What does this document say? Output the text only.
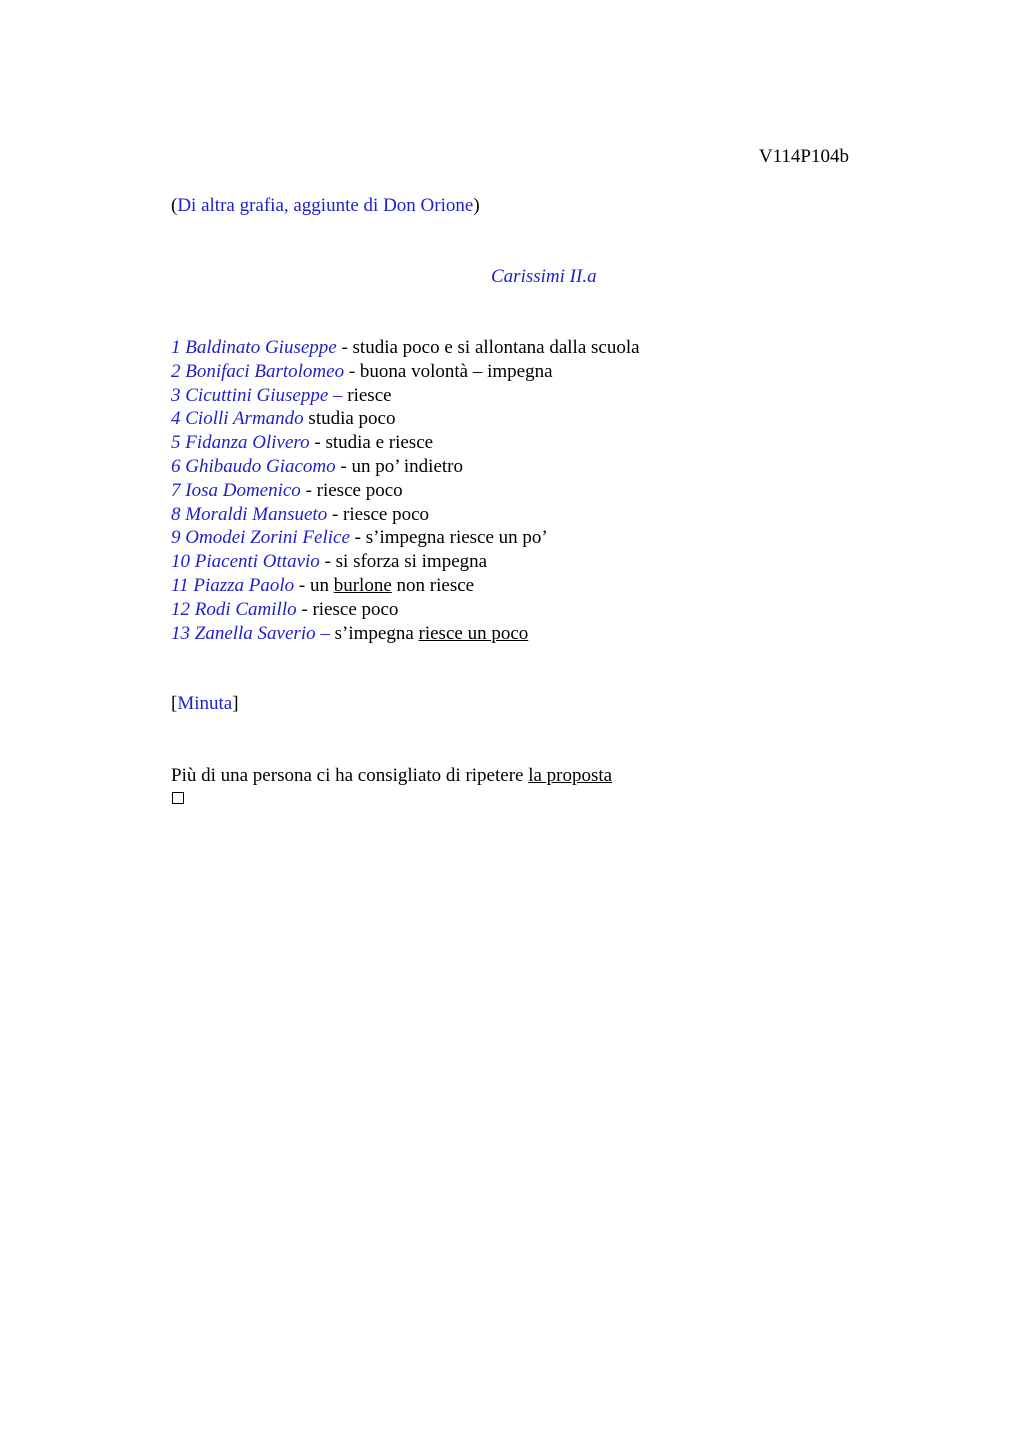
V114P104b
(Di altra grafia, aggiunte di Don Orione)
Carissimi II.a
1 Baldinato Giuseppe - studia poco e si allontana dalla scuola
2 Bonifaci Bartolomeo - buona volontà – impegna
3 Cicuttini Giuseppe – riesce
4 Ciolli Armando studia poco
5 Fidanza Olivero - studia e riesce
6 Ghibaudo Giacomo - un po’ indietro
7 Iosa Domenico - riesce poco
8 Moraldi Mansueto - riesce poco
9 Omodei Zorini Felice - s’impegna riesce un po’
10 Piacenti Ottavio - si sforza si impegna
11 Piazza Paolo - un burlone non riesce
12 Rodi Camillo - riesce poco
13 Zanella Saverio – s’impegna riesce un poco
[Minuta]
Più di una persona ci ha consigliato di ripetere la proposta
